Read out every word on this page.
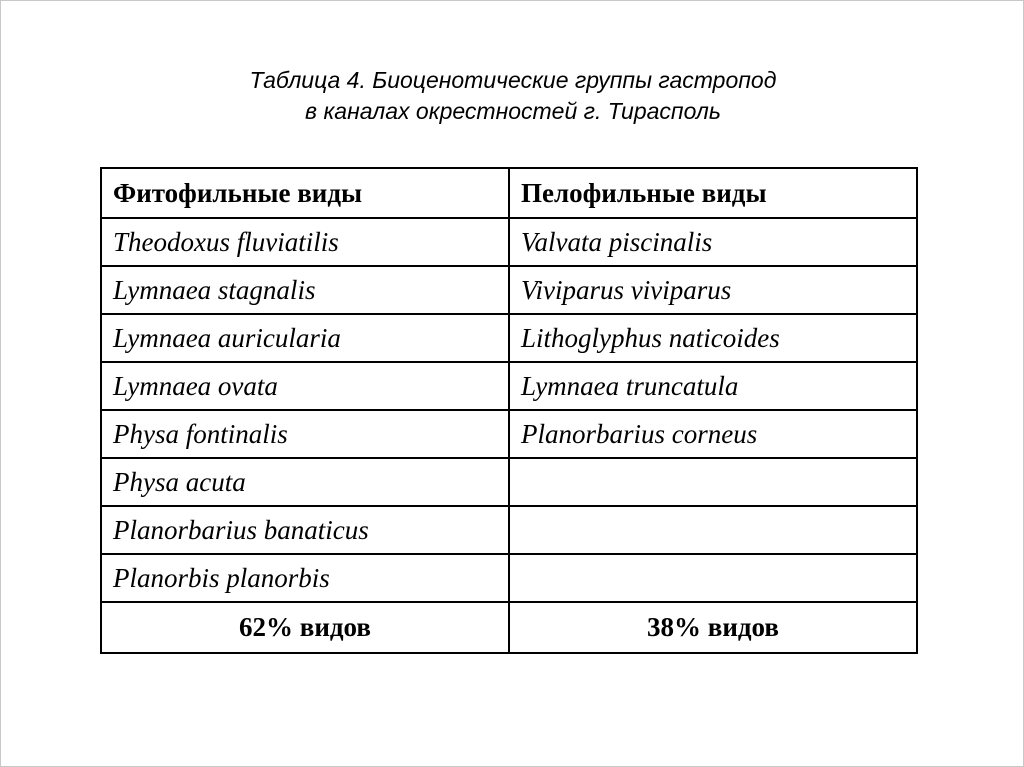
Таблица 4. Биоценотические группы гастропод
в каналах окрестностей г. Тирасполь
Фитофильные виды	Пелофильные виды
Theodoxus fluviatilis	Valvata piscinalis
Lymnaea stagnalis	Viviparus viviparus
Lymnaea auricularia	Lithoglyphus naticoides
Lymnaea ovata	Lymnaea truncatula
Physa fontinalis	Planorbarius corneus
Physa acuta	
Planorbarius banaticus	
Planorbis planorbis	
62% видов	38% видов
